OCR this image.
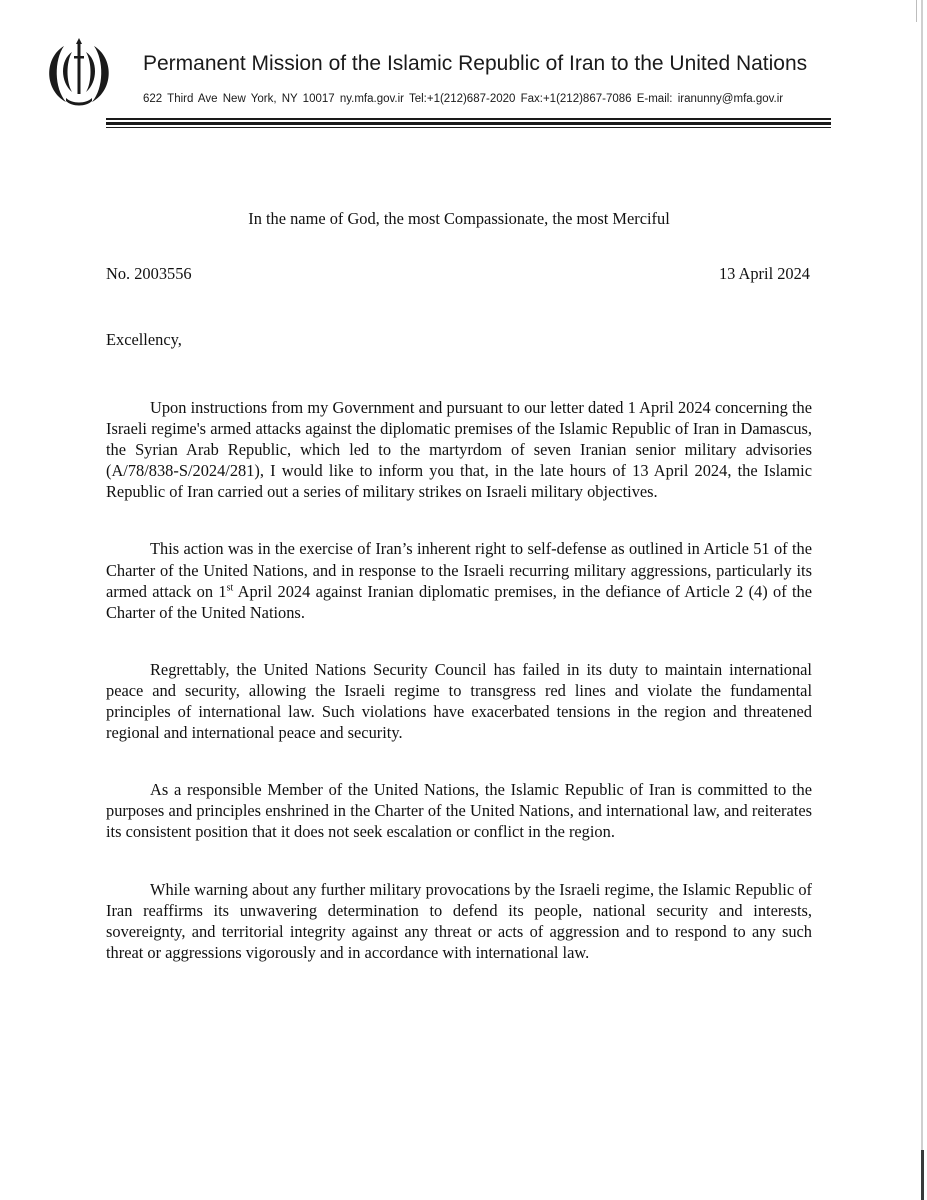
Permanent Mission of the Islamic Republic of Iran to the United Nations
622 Third Ave New York, NY 10017 ny.mfa.gov.ir Tel:+1(212)687-2020 Fax:+1(212)867-7086 E-mail: iranunny@mfa.gov.ir
In the name of God, the most Compassionate, the most Merciful
No. 2003556	13 April 2024
Excellency,

Upon instructions from my Government and pursuant to our letter dated 1 April 2024 concerning the Israeli regime's armed attacks against the diplomatic premises of the Islamic Republic of Iran in Damascus, the Syrian Arab Republic, which led to the martyrdom of seven Iranian senior military advisories (A/78/838-S/2024/281), I would like to inform you that, in the late hours of 13 April 2024, the Islamic Republic of Iran carried out a series of military strikes on Israeli military objectives.

This action was in the exercise of Iran’s inherent right to self-defense as outlined in Article 51 of the Charter of the United Nations, and in response to the Israeli recurring military aggressions, particularly its armed attack on 1st April 2024 against Iranian diplomatic premises, in the defiance of Article 2 (4) of the Charter of the United Nations.

Regrettably, the United Nations Security Council has failed in its duty to maintain international peace and security, allowing the Israeli regime to transgress red lines and violate the fundamental principles of international law. Such violations have exacerbated tensions in the region and threatened regional and international peace and security.

As a responsible Member of the United Nations, the Islamic Republic of Iran is committed to the purposes and principles enshrined in the Charter of the United Nations, and international law, and reiterates its consistent position that it does not seek escalation or conflict in the region.

While warning about any further military provocations by the Israeli regime, the Islamic Republic of Iran reaffirms its unwavering determination to defend its people, national security and interests, sovereignty, and territorial integrity against any threat or acts of aggression and to respond to any such threat or aggressions vigorously and in accordance with international law.
